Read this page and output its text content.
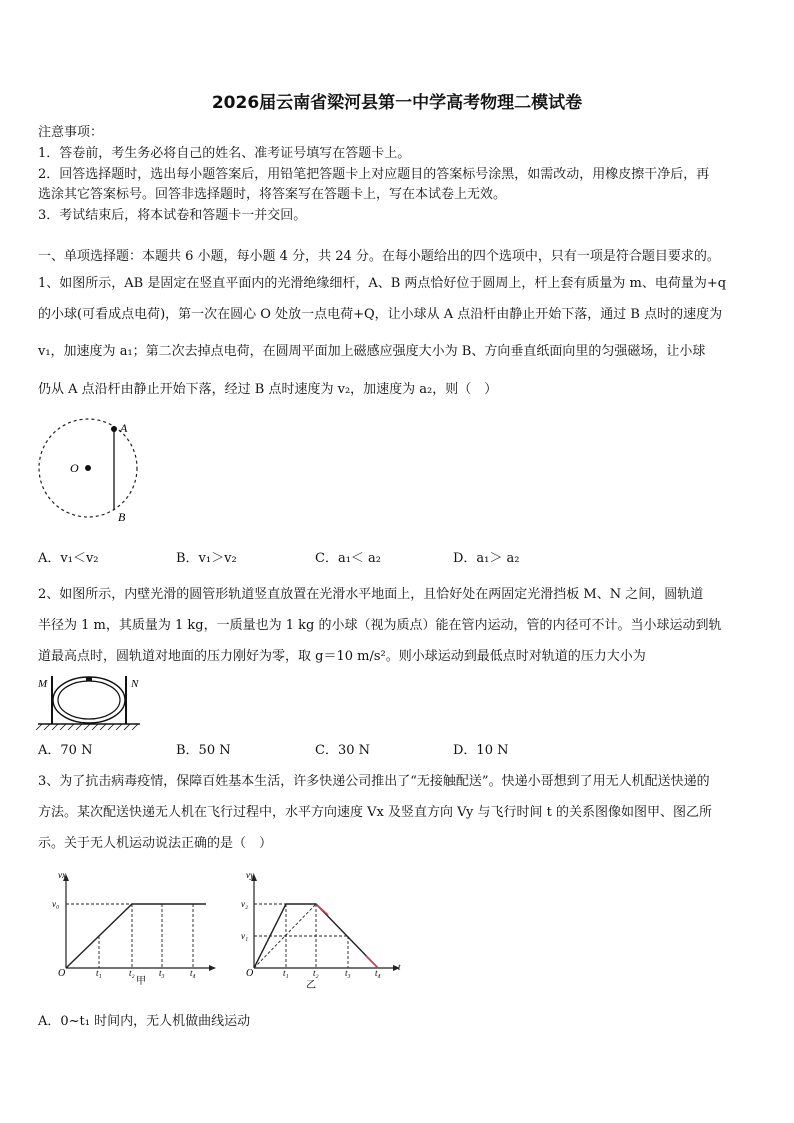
2026届云南省梁河县第一中学高考物理二模试卷
注意事项：
1．答卷前，考生务必将自己的姓名、准考证号填写在答题卡上。
2．回答选择题时，选出每小题答案后，用铅笔把答题卡上对应题目的答案标号涂黑，如需改动，用橡皮擦干净后，再
选涂其它答案标号。回答非选择题时，将答案写在答题卡上，写在本试卷上无效。
3．考试结束后，将本试卷和答题卡一并交回。
一、单项选择题：本题共 6 小题，每小题 4 分，共 24 分。在每小题给出的四个选项中，只有一项是符合题目要求的。
1、如图所示，AB 是固定在竖直平面内的光滑绝缘细杆，A、B 两点恰好位于圆周上，杆上套有质量为 m、电荷量为+q
的小球(可看成点电荷)，第一次在圆心 O 处放一点电荷+Q，让小球从 A 点沿杆由静止开始下落，通过 B 点时的速度为
v₁，加速度为 a₁；第二次去掉点电荷，在圆周平面加上磁感应强度大小为 B、方向垂直纸面向里的匀强磁场，让小球
仍从 A 点沿杆由静止开始下落，经过 B 点时速度为 v₂，加速度为 a₂，则（　）
A
O
B
A．v₁＜v₂	B．v₁＞v₂	C．a₁＜ a₂	D．a₁＞ a₂
2、如图所示，内壁光滑的圆管形轨道竖直放置在光滑水平地面上，且恰好处在两固定光滑挡板 M、N 之间，圆轨道
半径为 1 m，其质量为 1 kg，一质量也为 1 kg 的小球（视为质点）能在管内运动，管的内径可不计。当小球运动到轨
道最高点时，圆轨道对地面的压力刚好为零，取 g＝10 m/s²。则小球运动到最低点时对轨道的压力大小为
M	N
A．70 N	B．50 N	C．30 N	D．10 N
3、为了抗击病毒疫情，保障百姓基本生活，许多快递公司推出了“无接触配送”。快递小哥想到了用无人机配送快递的
方法。某次配送快递无人机在飞行过程中，水平方向速度 Vx 及竖直方向 Vy 与飞行时间 t 的关系图像如图甲、图乙所
示。关于无人机运动说法正确的是（　）
vx
v₀
O	t₁	t₂	t₃	t₄
甲
vy
v₂
v₁
O	t₁	t₂	t₃	t₄
t
乙
A．0~t₁ 时间内，无人机做曲线运动
